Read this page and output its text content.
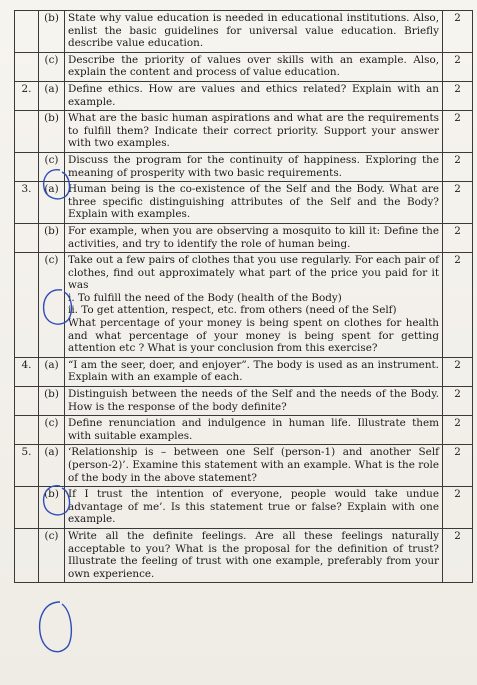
	(b)	State why value education is needed in educational institutions. Also, enlist the basic guidelines for universal value education. Briefly describe value education.	2
	(c)	Describe the priority of values over skills with an example. Also, explain the content and process of value education.	2
2.	(a)	Define ethics. How are values and ethics related? Explain with an example.	2
	(b)	What are the basic human aspirations and what are the requirements to fulfill them? Indicate their correct priority. Support your answer with two examples.	2
	(c)	Discuss the program for the continuity of happiness. Exploring the meaning of prosperity with two basic requirements.	2
3.	(a)	Human being is the co-existence of the Self and the Body. What are three specific distinguishing attributes of the Self and the Body? Explain with examples.	2
	(b)	For example, when you are observing a mosquito to kill it: Define the activities, and try to identify the role of human being.	2
	(c)	Take out a few pairs of clothes that you use regularly. For each pair of clothes, find out approximately what part of the price you paid for it was
i. To fulfill the need of the Body (health of the Body)
ii. To get attention, respect, etc. from others (need of the Self)
What percentage of your money is being spent on clothes for health and what percentage of your money is being spent for getting attention etc ? What is your conclusion from this exercise?	2
4.	(a)	“I am the seer, doer, and enjoyer”. The body is used as an instrument. Explain with an example of each.	2
	(b)	Distinguish between the needs of the Self and the needs of the Body. How is the response of the body definite?	2
	(c)	Define renunciation and indulgence in human life. Illustrate them with suitable examples.	2
5.	(a)	‘Relationship is – between one Self (person-1) and another Self (person-2)’. Examine this statement with an example. What is the role of the body in the above statement?	2
	(b)	If I trust the intention of everyone, people would take undue advantage of me’. Is this statement true or false? Explain with one example.	2
	(c)	Write all the definite feelings. Are all these feelings naturally acceptable to you? What is the proposal for the definition of trust? Illustrate the feeling of trust with one example, preferably from your own experience.	2
